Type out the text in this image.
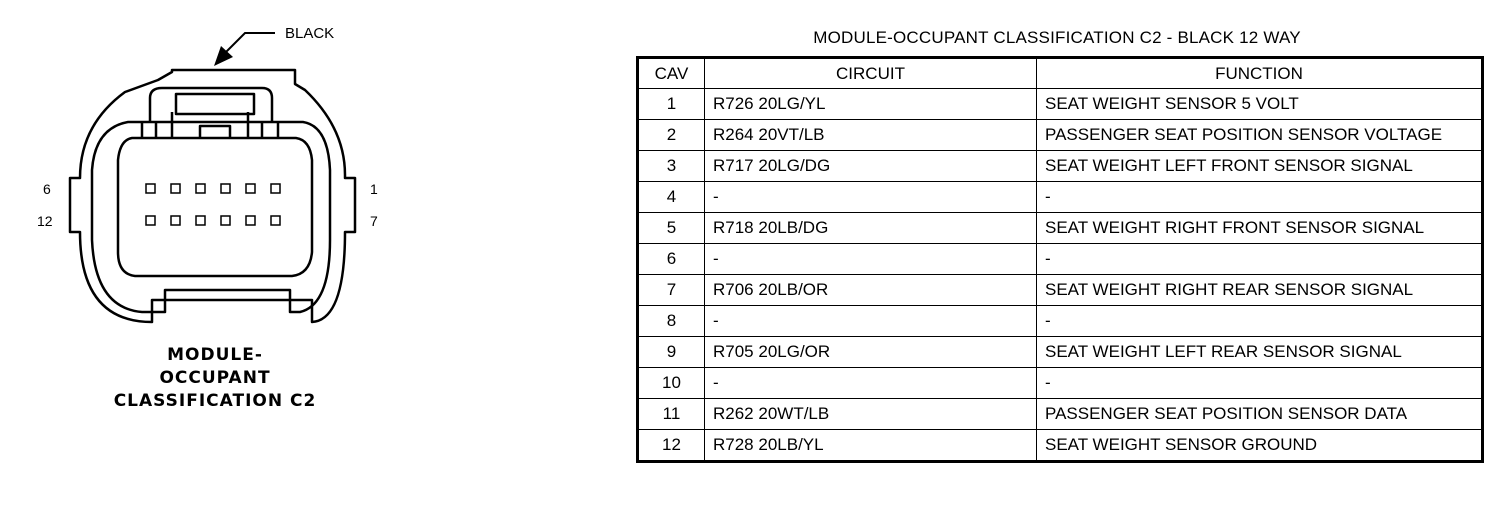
BLACK
6
12
1
7
MODULE-
OCCUPANT
CLASSIFICATION C2
MODULE-OCCUPANT CLASSIFICATION C2 - BLACK 12 WAY
CAV	CIRCUIT	FUNCTION
1	R726 20LG/YL	SEAT WEIGHT SENSOR 5 VOLT
2	R264 20VT/LB	PASSENGER SEAT POSITION SENSOR VOLTAGE
3	R717 20LG/DG	SEAT WEIGHT LEFT FRONT SENSOR SIGNAL
4	-	-
5	R718 20LB/DG	SEAT WEIGHT RIGHT FRONT SENSOR SIGNAL
6	-	-
7	R706 20LB/OR	SEAT WEIGHT RIGHT REAR SENSOR SIGNAL
8	-	-
9	R705 20LG/OR	SEAT WEIGHT LEFT REAR SENSOR SIGNAL
10	-	-
11	R262 20WT/LB	PASSENGER SEAT POSITION SENSOR DATA
12	R728 20LB/YL	SEAT WEIGHT SENSOR GROUND
